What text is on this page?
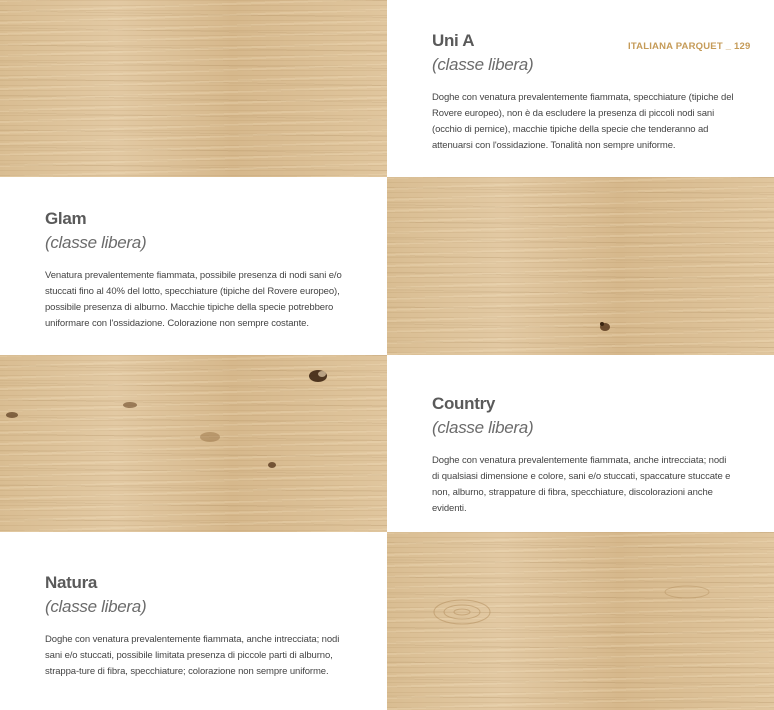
Uni A
(classe libera)

Doghe con venatura prevalentemente fiammata, specchiature (tipiche del Rovere europeo), non è da escludere la presenza di piccoli nodi sani (occhio di pernice), macchie tipiche della specie che tenderanno ad attenuarsi con l'ossidazione. Tonalità non sempre uniforme.

ITALIANA PARQUET _ 129
Glam
(classe libera)

Venatura prevalentemente fiammata, possibile presenza di nodi sani e/o stuccati fino al 40% del lotto, specchiature (tipiche del Rovere europeo), possibile presenza di alburno. Macchie tipiche della specie potrebbero uniformare con l'ossidazione. Colorazione non sempre costante.

Country
(classe libera)

Doghe con venatura prevalentemente fiammata, anche intrecciata; nodi di qualsiasi dimensione e colore, sani e/o stuccati, spaccature stuccate e non, alburno, strappature di fibra, specchiature, discolorazioni anche evidenti.

Natura
(classe libera)

Doghe con venatura prevalentemente fiammata, anche intrecciata; nodi sani e/o stuccati, possibile limitata presenza di piccole parti di alburno, strappa-ture di fibra, specchiature; colorazione non sempre uniforme.
